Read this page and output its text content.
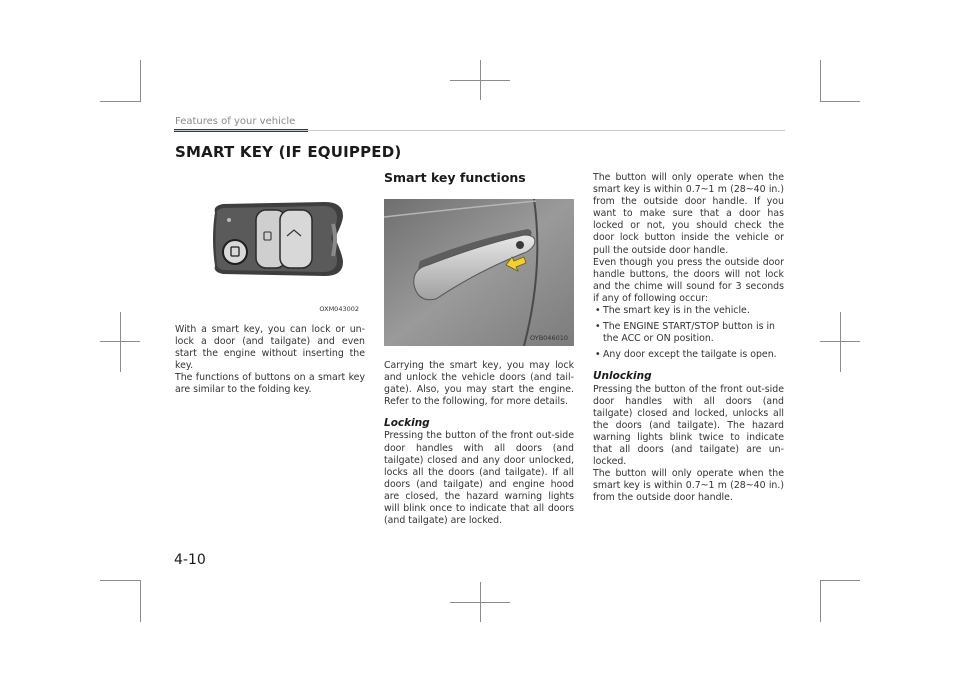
Features of your vehicle
SMART KEY (IF EQUIPPED)
OXM043002

With a smart key, you can lock or un-lock a door (and tailgate) and even start the engine without inserting the key.

The functions of buttons on a smart key are similar to the folding key.

Smart key functions
OYB046010

Carrying the smart key, you may lock and unlock the vehicle doors (and tail-gate). Also, you may start the engine. Refer to the following, for more details.

Locking

Pressing the button of the front out-side door handles with all doors (and tailgate) closed and any door unlocked, locks all the doors (and tailgate). If all doors (and tailgate) and engine hood are closed, the hazard warning lights will blink once to indicate that all doors (and tailgate) are locked.

The button will only operate when the smart key is within 0.7~1 m (28~40 in.) from the outside door handle. If you want to make sure that a door has locked or not, you should check the door lock button inside the vehicle or pull the outside door handle.

Even though you press the outside door handle buttons, the doors will not lock and the chime will sound for 3 seconds if any of following occur:

• The smart key is in the vehicle.
• The ENGINE START/STOP button is in the ACC or ON position.
• Any door except the tailgate is open.
Unlocking

Pressing the button of the front out-side door handles with all doors (and tailgate) closed and locked, unlocks all the doors (and tailgate). The hazard warning lights blink twice to indicate that all doors (and tailgate) are un-locked.

The button will only operate when the smart key is within 0.7~1 m (28~40 in.) from the outside door handle.

4-10
